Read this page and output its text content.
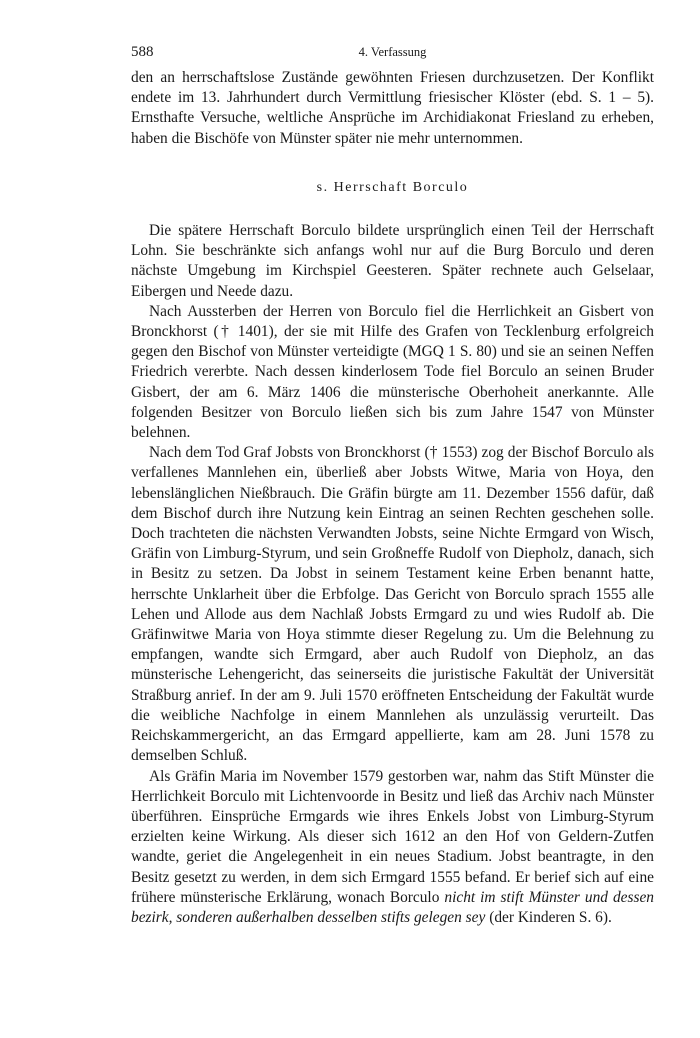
588	4. Verfassung

den an herrschaftslose Zustände gewöhnten Friesen durchzusetzen. Der Konflikt endete im 13. Jahrhundert durch Vermittlung friesischer Klöster (ebd. S. 1 – 5). Ernsthafte Versuche, weltliche Ansprüche im Archidiakonat Friesland zu erheben, haben die Bischöfe von Münster später nie mehr unternommen.

s. Herrschaft Borculo

Die spätere Herrschaft Borculo bildete ursprünglich einen Teil der Herrschaft Lohn. Sie beschränkte sich anfangs wohl nur auf die Burg Borculo und deren nächste Umgebung im Kirchspiel Geesteren. Später rechnete auch Gelselaar, Eibergen und Neede dazu.

Nach Aussterben der Herren von Borculo fiel die Herrlichkeit an Gisbert von Bronckhorst († 1401), der sie mit Hilfe des Grafen von Tecklenburg erfolgreich gegen den Bischof von Münster verteidigte (MGQ 1 S. 80) und sie an seinen Neffen Friedrich vererbte. Nach dessen kinderlosem Tode fiel Borculo an seinen Bruder Gisbert, der am 6. März 1406 die münsterische Oberhoheit anerkannte. Alle folgenden Besitzer von Borculo ließen sich bis zum Jahre 1547 von Münster belehnen.

Nach dem Tod Graf Jobsts von Bronckhorst († 1553) zog der Bischof Borculo als verfallenes Mannlehen ein, überließ aber Jobsts Witwe, Maria von Hoya, den lebenslänglichen Nießbrauch. Die Gräfin bürgte am 11. Dezember 1556 dafür, daß dem Bischof durch ihre Nutzung kein Eintrag an seinen Rechten geschehen solle. Doch trachteten die nächsten Verwandten Jobsts, seine Nichte Ermgard von Wisch, Gräfin von Limburg-Styrum, und sein Großneffe Rudolf von Diepholz, danach, sich in Besitz zu setzen. Da Jobst in seinem Testament keine Erben benannt hatte, herrschte Unklarheit über die Erbfolge. Das Gericht von Borculo sprach 1555 alle Lehen und Allode aus dem Nachlaß Jobsts Ermgard zu und wies Rudolf ab. Die Gräfinwitwe Maria von Hoya stimmte dieser Regelung zu. Um die Belehnung zu empfangen, wandte sich Ermgard, aber auch Rudolf von Diepholz, an das münsterische Lehengericht, das seinerseits die juristische Fakultät der Universität Straßburg anrief. In der am 9. Juli 1570 eröffneten Entscheidung der Fakultät wurde die weibliche Nachfolge in einem Mannlehen als unzulässig verurteilt. Das Reichskammergericht, an das Ermgard appellierte, kam am 28. Juni 1578 zu demselben Schluß.

Als Gräfin Maria im November 1579 gestorben war, nahm das Stift Münster die Herrlichkeit Borculo mit Lichtenvoorde in Besitz und ließ das Archiv nach Münster überführen. Einsprüche Ermgards wie ihres Enkels Jobst von Limburg-Styrum erzielten keine Wirkung. Als dieser sich 1612 an den Hof von Geldern-Zutfen wandte, geriet die Angelegenheit in ein neues Stadium. Jobst beantragte, in den Besitz gesetzt zu werden, in dem sich Ermgard 1555 befand. Er berief sich auf eine frühere münsterische Erklärung, wonach Borculo nicht im stift Münster und dessen bezirk, sonderen außerhalben desselben stifts gelegen sey (der Kinderen S. 6).
